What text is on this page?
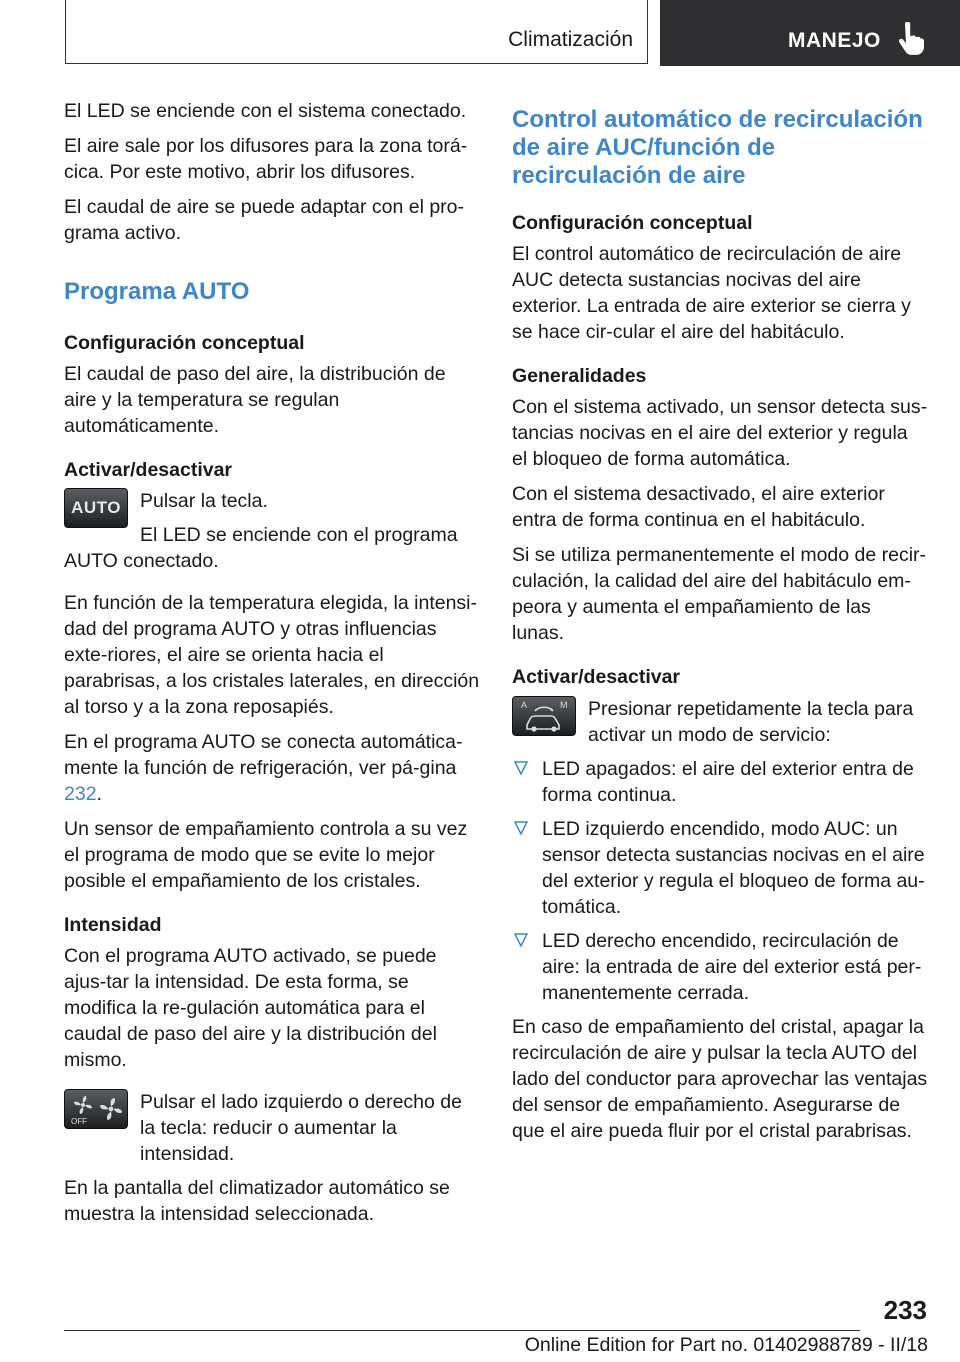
Climatización	MANEJO

El LED se enciende con el sistema conectado.

El aire sale por los difusores para la zona torá-cica. Por este motivo, abrir los difusores.

El caudal de aire se puede adaptar con el pro-grama activo.

Programa AUTO
Configuración conceptual

El caudal de paso del aire, la distribución de aire y la temperatura se regulan automáticamente.

Activar/desactivar
AUTO Pulsar la tecla.

El LED se enciende con el programa AUTO conectado.

En función de la temperatura elegida, la intensi-dad del programa AUTO y otras influencias exte-riores, el aire se orienta hacia el parabrisas, a los cristales laterales, en dirección al torso y a la zona reposapiés.

En el programa AUTO se conecta automática-mente la función de refrigeración, ver pá-gina 232.

Un sensor de empañamiento controla a su vez el programa de modo que se evite lo mejor posible el empañamiento de los cristales.

Intensidad

Con el programa AUTO activado, se puede ajus-tar la intensidad. De esta forma, se modifica la re-gulación automática para el caudal de paso del aire y la distribución del mismo.

OFF

Pulsar el lado izquierdo o derecho de la tecla: reducir o aumentar la intensidad.

En la pantalla del climatizador automático se muestra la intensidad seleccionada.

Control automático de recirculación de aire AUC/función de recirculación de aire
Configuración conceptual

El control automático de recirculación de aire AUC detecta sustancias nocivas del aire exterior. La entrada de aire exterior se cierra y se hace cir-cular el aire del habitáculo.

Generalidades

Con el sistema activado, un sensor detecta sus-tancias nocivas en el aire del exterior y regula el bloqueo de forma automática.

Con el sistema desactivado, el aire exterior entra de forma continua en el habitáculo.

Si se utiliza permanentemente el modo de recir-culación, la calidad del aire del habitáculo em-peora y aumenta el empañamiento de las lunas.

Activar/desactivar
A	M Presionar repetidamente la tecla para activar un modo de servicio:

LED apagados: el aire del exterior entra de forma continua.
LED izquierdo encendido, modo AUC: un sensor detecta sustancias nocivas en el aire del exterior y regula el bloqueo de forma au-tomática.
LED derecho encendido, recirculación de aire: la entrada de aire del exterior está per-manentemente cerrada.

En caso de empañamiento del cristal, apagar la recirculación de aire y pulsar la tecla AUTO del lado del conductor para aprovechar las ventajas del sensor de empañamiento. Asegurarse de que el aire pueda fluir por el cristal parabrisas.

233
Online Edition for Part no. 01402988789 - II/18
